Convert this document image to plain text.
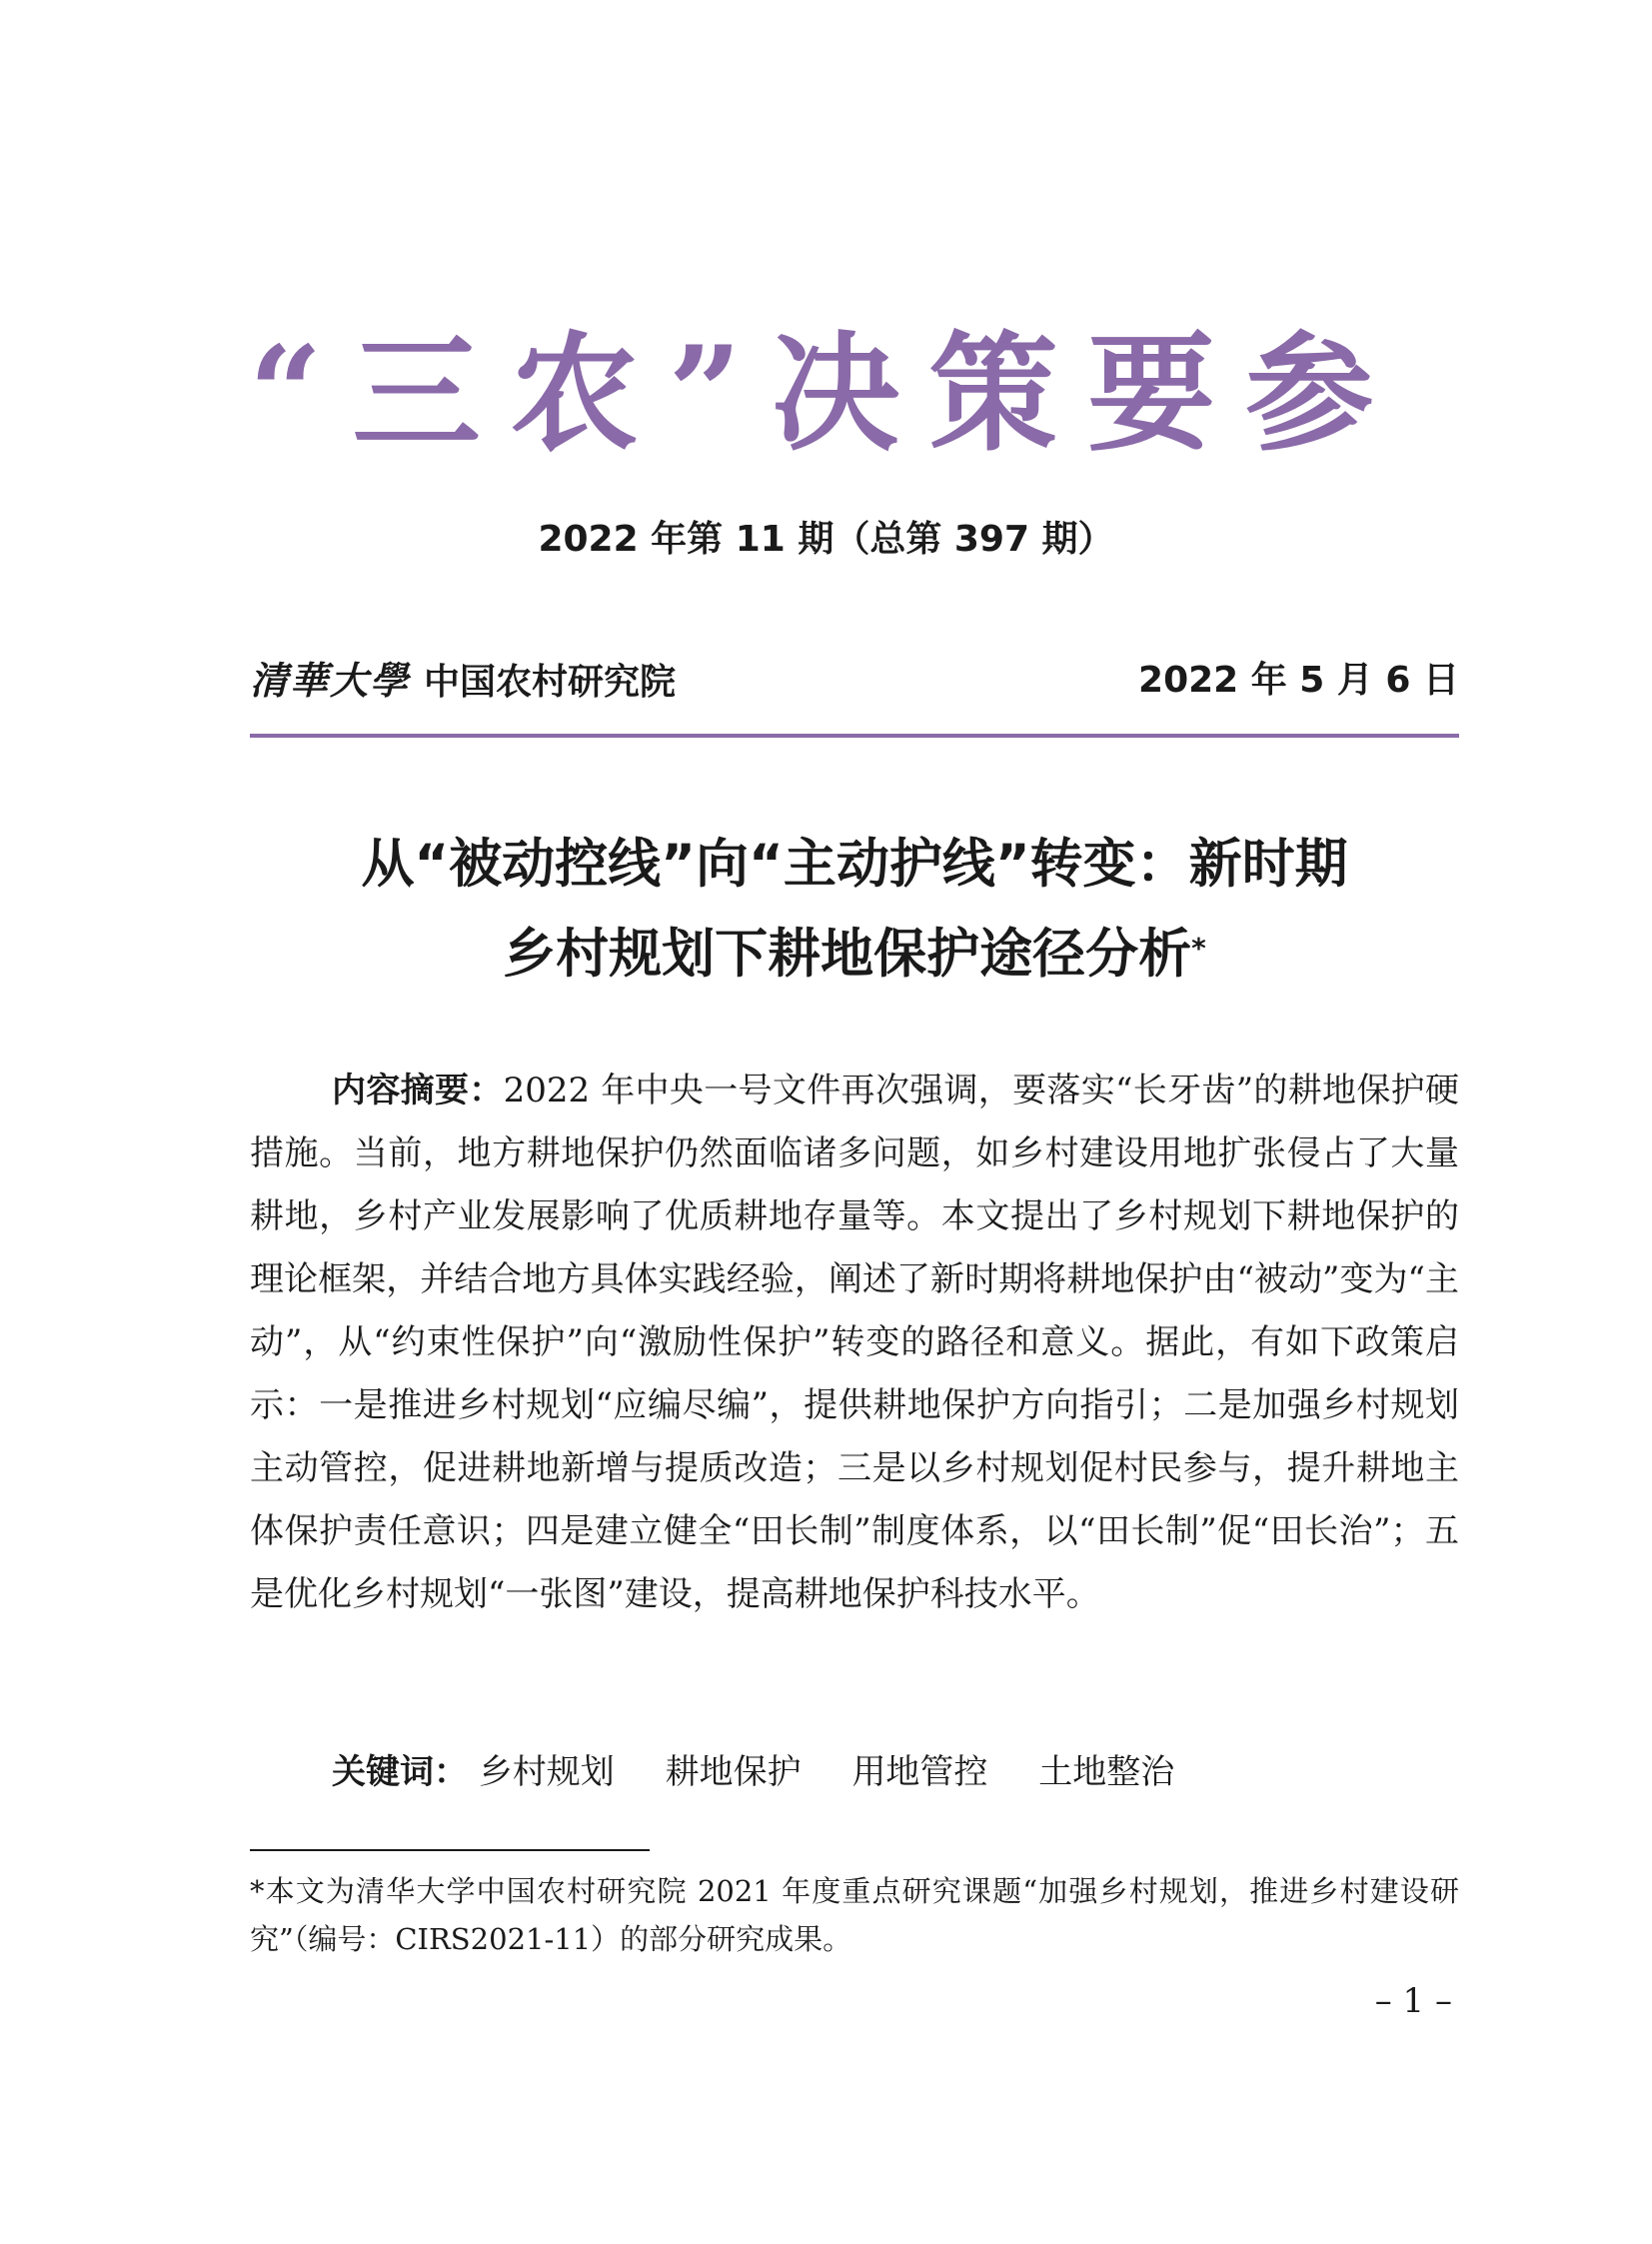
“三农”决策要参
2022 年第 11 期（总第 397 期）
清華大學 中国农村研究院	2022 年 5 月 6 日
从“被动控线”向“主动护线”转变：新时期
乡村规划下耕地保护途径分析*

内容摘要：2022 年中央一号文件再次强调，要落实“长牙齿”的耕地保护硬措施。当前，地方耕地保护仍然面临诸多问题，如乡村建设用地扩张侵占了大量耕地，乡村产业发展影响了优质耕地存量等。本文提出了乡村规划下耕地保护的理论框架，并结合地方具体实践经验，阐述了新时期将耕地保护由“被动”变为“主动”，从“约束性保护”向“激励性保护”转变的路径和意义。据此，有如下政策启示：一是推进乡村规划“应编尽编”，提供耕地保护方向指引；二是加强乡村规划主动管控，促进耕地新增与提质改造；三是以乡村规划促村民参与，提升耕地主体保护责任意识；四是建立健全“田长制”制度体系，以“田长制”促“田长治”；五是优化乡村规划“一张图”建设，提高耕地保护科技水平。

关键词： 乡村规划 耕地保护 用地管控 土地整治

*本文为清华大学中国农村研究院 2021 年度重点研究课题“加强乡村规划，推进乡村建设研究”（编号：CIRS2021-11）的部分研究成果。

– 1 –
